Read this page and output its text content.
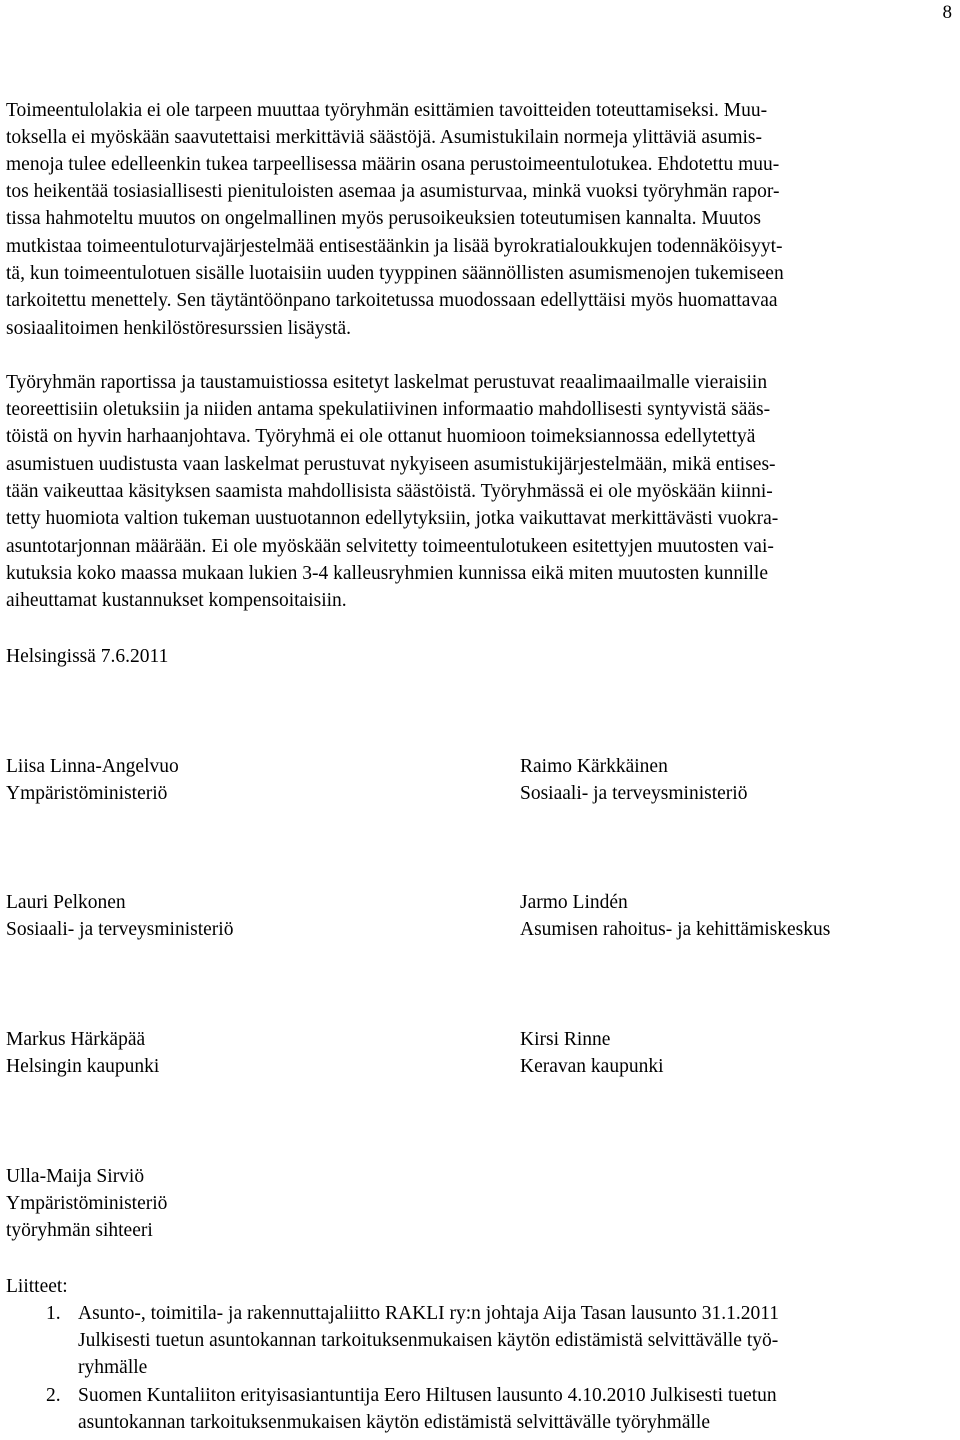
8
Toimeentulolakia ei ole tarpeen muuttaa työryhmän esittämien tavoitteiden toteuttamiseksi. Muu-
toksella ei myöskään saavutettaisi merkittäviä säästöjä. Asumistukilain normeja ylittäviä asumis-
menoja tulee edelleenkin tukea tarpeellisessa määrin osana perustoimeentulotukea. Ehdotettu muu-
tos heikentää tosiasiallisesti pienituloisten asemaa ja asumisturvaa, minkä vuoksi työryhmän rapor-
tissa hahmoteltu muutos on ongelmallinen myös perusoikeuksien toteutumisen kannalta. Muutos
mutkistaa toimeentuloturvajärjestelmää entisestäänkin ja lisää byrokratialoukkujen todennäköisyyt-
tä, kun toimeentulotuen sisälle luotaisiin uuden tyyppinen säännöllisten asumismenojen tukemiseen
tarkoitettu menettely. Sen täytäntöönpano tarkoitetussa muodossaan edellyttäisi myös huomattavaa
sosiaalitoimen henkilöstöresurssien lisäystä.
Työryhmän raportissa ja taustamuistiossa esitetyt laskelmat perustuvat reaalimaailmalle vieraisiin
teoreettisiin oletuksiin ja niiden antama spekulatiivinen informaatio mahdollisesti syntyvistä sääs-
töistä on hyvin harhaanjohtava. Työryhmä ei ole ottanut huomioon toimeksiannossa edellytettyä
asumistuen uudistusta vaan laskelmat perustuvat nykyiseen asumistukijärjestelmään, mikä entises-
tään vaikeuttaa käsityksen saamista mahdollisista säästöistä. Työryhmässä ei ole myöskään kiinni-
tetty huomiota valtion tukeman uustuotannon edellytyksiin, jotka vaikuttavat merkittävästi vuokra-
asuntotarjonnan määrään. Ei ole myöskään selvitetty toimeentulotukeen esitettyjen muutosten vai-
kutuksia koko maassa mukaan lukien 3-4 kalleusryhmien kunnissa eikä miten muutosten kunnille
aiheuttamat kustannukset kompensoitaisiin.
Helsingissä 7.6.2011
Liisa Linna-Angelvuo
Ympäristöministeriö
Raimo Kärkkäinen
Sosiaali- ja terveysministeriö
Lauri Pelkonen
Sosiaali- ja terveysministeriö
Jarmo Lindén
Asumisen rahoitus- ja kehittämiskeskus
Markus Härkäpää
Helsingin kaupunki
Kirsi Rinne
Keravan kaupunki
Ulla-Maija Sirviö
Ympäristöministeriö
työryhmän sihteeri
Liitteet:
1. Asunto-, toimitila- ja rakennuttajaliitto RAKLI ry:n johtaja Aija Tasan lausunto 31.1.2011
Julkisesti tuetun asuntokannan tarkoituksenmukaisen käytön edistämistä selvittävälle työ-
ryhmälle
2. Suomen Kuntaliiton erityisasiantuntija Eero Hiltusen lausunto 4.10.2010 Julkisesti tuetun
asuntokannan tarkoituksenmukaisen käytön edistämistä selvittävälle työryhmälle
